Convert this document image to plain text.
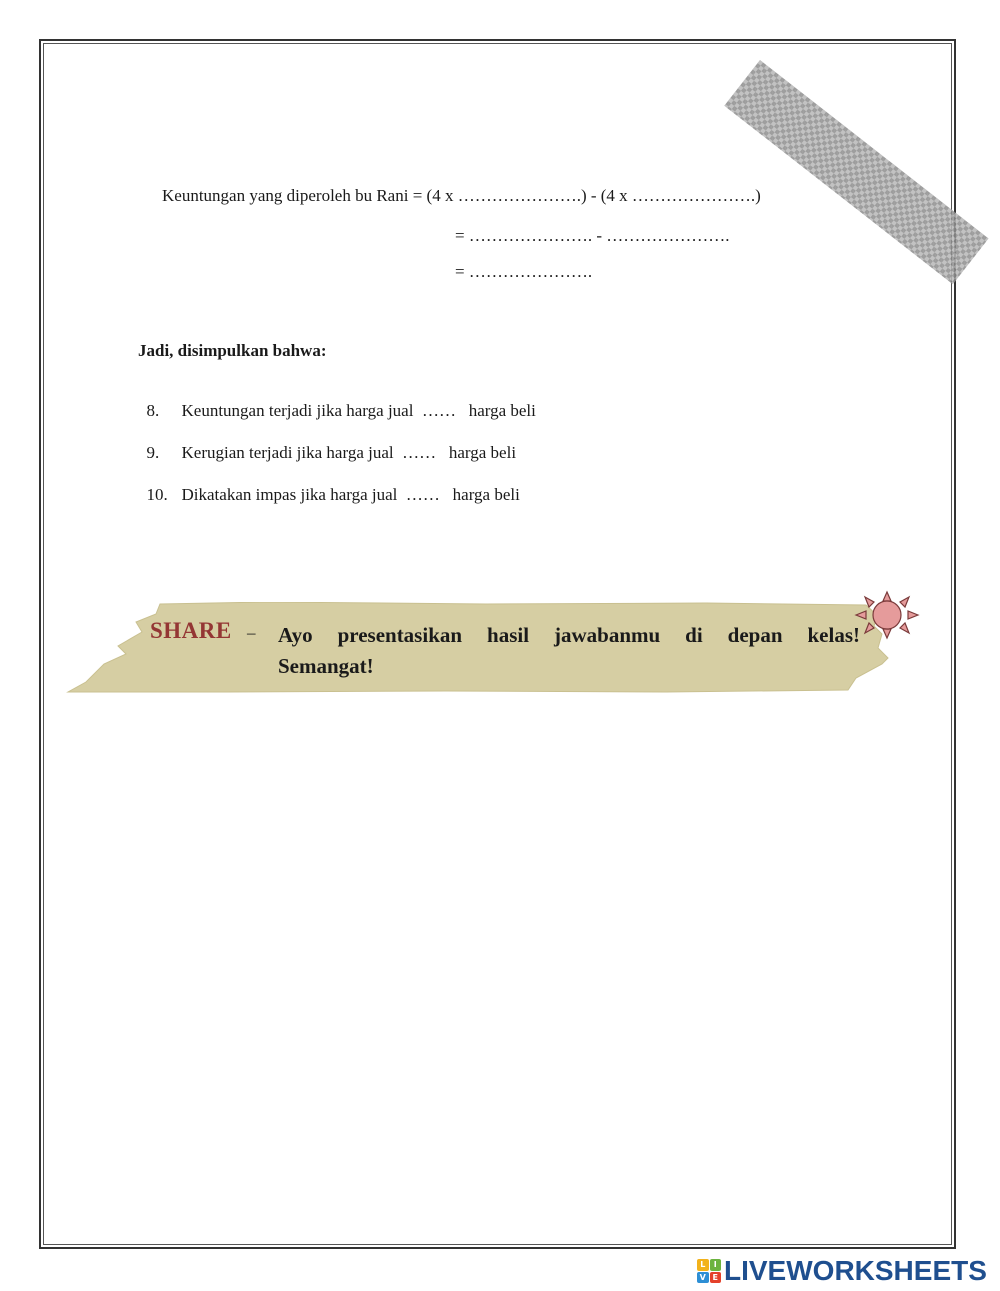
Keuntungan yang diperoleh bu Rani = (4 x ………………….) - (4 x ………………….)
= …………………. - ………………….
= ………………….
Jadi, disimpulkan bahwa:

8. Keuntungan terjadi jika harga jual  ……   harga beli

9. Kerugian terjadi jika harga jual  ……   harga beli

10. Dikatakan impas jika harga jual  ……   harga beli

SHARE – Ayo presentasikan hasil jawabanmu di depan kelas!
Semangat!
L	I
V E LIVEWORKSHEETS
